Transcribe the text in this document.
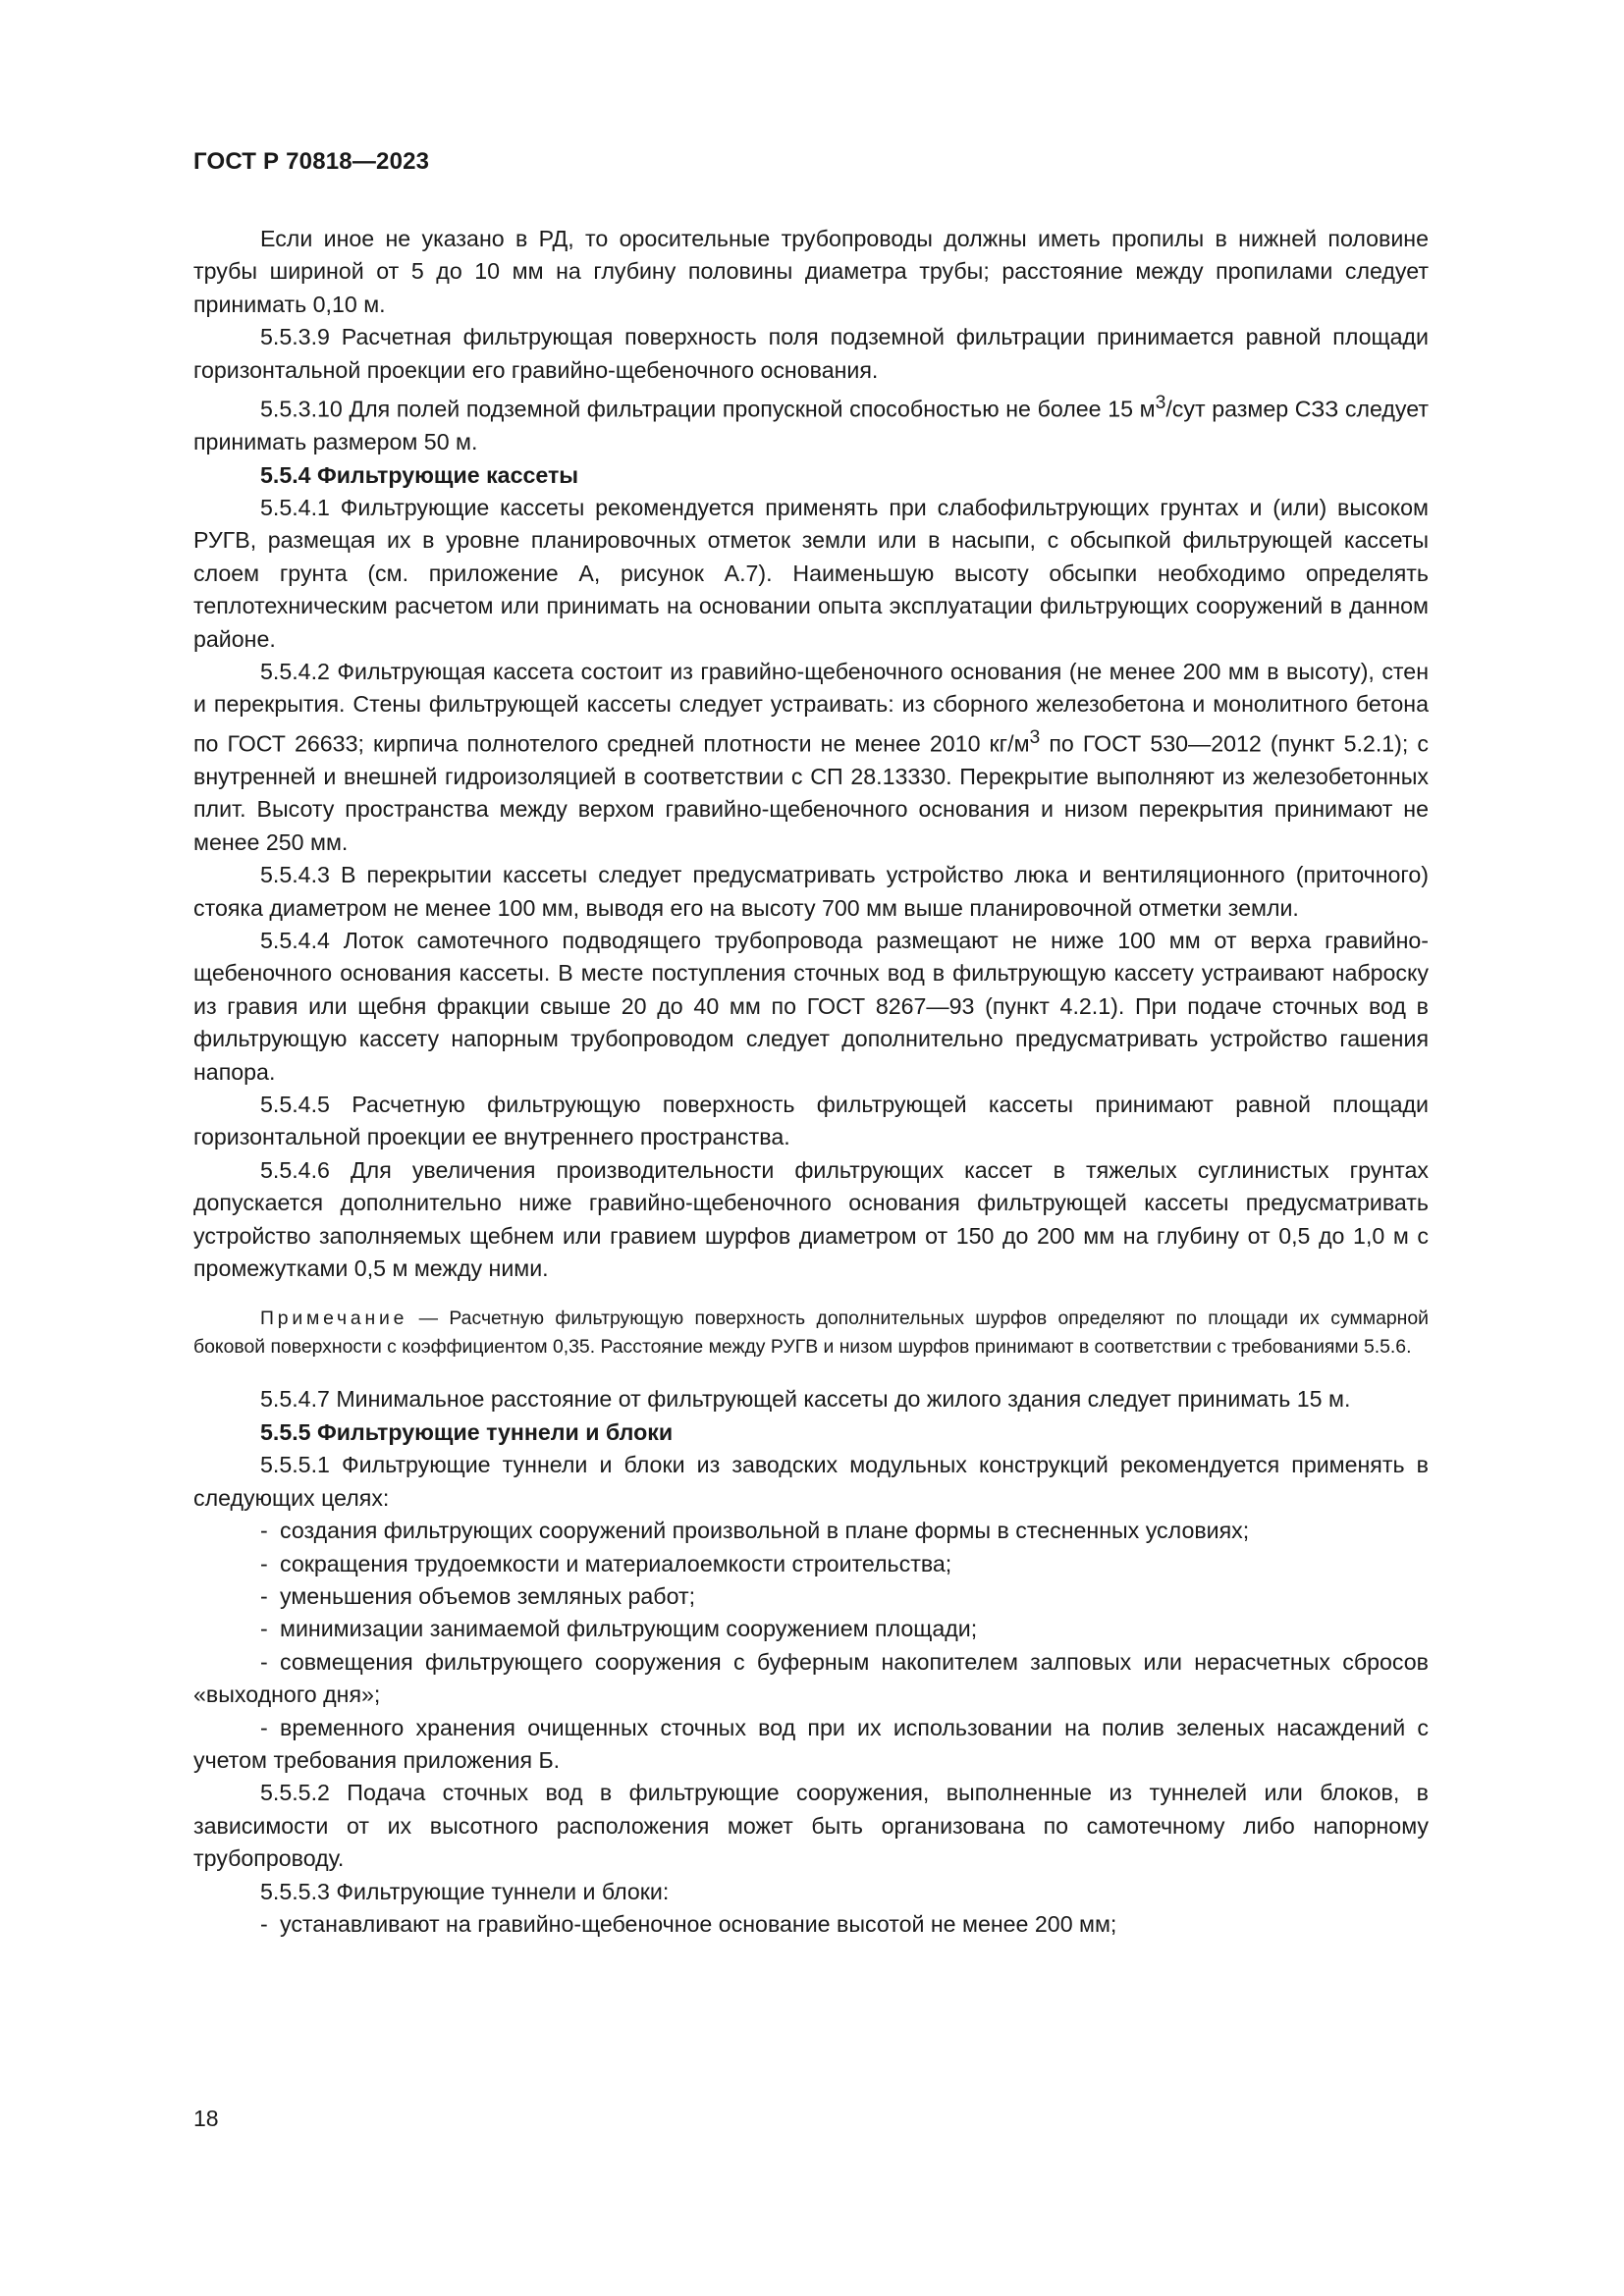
ГОСТ Р 70818—2023

Если иное не указано в РД, то оросительные трубопроводы должны иметь пропилы в нижней половине трубы шириной от 5 до 10 мм на глубину половины диаметра трубы; расстояние между пропилами следует принимать 0,10 м.

5.5.3.9 Расчетная фильтрующая поверхность поля подземной фильтрации принимается равной площади горизонтальной проекции его гравийно-щебеночного основания.

5.5.3.10 Для полей подземной фильтрации пропускной способностью не более 15 $м^3$/сут размер СЗЗ следует принимать размером 50 м.

5.5.4 Фильтрующие кассеты

5.5.4.1 Фильтрующие кассеты рекомендуется применять при слабофильтрующих грунтах и (или) высоком РУГВ, размещая их в уровне планировочных отметок земли или в насыпи, с обсыпкой фильтрующей кассеты слоем грунта (см. приложение А, рисунок А.7). Наименьшую высоту обсыпки необходимо определять теплотехническим расчетом или принимать на основании опыта эксплуатации фильтрующих сооружений в данном районе.

5.5.4.2 Фильтрующая кассета состоит из гравийно-щебеночного основания (не менее 200 мм в высоту), стен и перекрытия. Стены фильтрующей кассеты следует устраивать: из сборного железобетона и монолитного бетона по ГОСТ 26633; кирпича полнотелого средней плотности не менее 2010 $кг/м^3$ по ГОСТ 530—2012 (пункт 5.2.1); с внутренней и внешней гидроизоляцией в соответствии с СП 28.13330. Перекрытие выполняют из железобетонных плит. Высоту пространства между верхом гравийно-щебеночного основания и низом перекрытия принимают не менее 250 мм.

5.5.4.3 В перекрытии кассеты следует предусматривать устройство люка и вентиляционного (приточного) стояка диаметром не менее 100 мм, выводя его на высоту 700 мм выше планировочной отметки земли.

5.5.4.4 Лоток самотечного подводящего трубопровода размещают не ниже 100 мм от верха гравийно-щебеночного основания кассеты. В месте поступления сточных вод в фильтрующую кассету устраивают наброску из гравия или щебня фракции свыше 20 до 40 мм по ГОСТ 8267—93 (пункт 4.2.1). При подаче сточных вод в фильтрующую кассету напорным трубопроводом следует дополнительно предусматривать устройство гашения напора.

5.5.4.5 Расчетную фильтрующую поверхность фильтрующей кассеты принимают равной площади горизонтальной проекции ее внутреннего пространства.

5.5.4.6 Для увеличения производительности фильтрующих кассет в тяжелых суглинистых грунтах допускается дополнительно ниже гравийно-щебеночного основания фильтрующей кассеты предусматривать устройство заполняемых щебнем или гравием шурфов диаметром от 150 до 200 мм на глубину от 0,5 до 1,0 м с промежутками 0,5 м между ними.

Примечание — Расчетную фильтрующую поверхность дополнительных шурфов определяют по площади их суммарной боковой поверхности с коэффициентом 0,35. Расстояние между РУГВ и низом шурфов принимают в соответствии с требованиями 5.5.6.

5.5.4.7 Минимальное расстояние от фильтрующей кассеты до жилого здания следует принимать 15 м.

5.5.5 Фильтрующие туннели и блоки

5.5.5.1 Фильтрующие туннели и блоки из заводских модульных конструкций рекомендуется применять в следующих целях:

- создания фильтрующих сооружений произвольной в плане формы в стесненных условиях;

- сокращения трудоемкости и материалоемкости строительства;

- уменьшения объемов земляных работ;

- минимизации занимаемой фильтрующим сооружением площади;

- совмещения фильтрующего сооружения с буферным накопителем залповых или нерасчетных сбросов «выходного дня»;

- временного хранения очищенных сточных вод при их использовании на полив зеленых насаждений с учетом требования приложения Б.

5.5.5.2 Подача сточных вод в фильтрующие сооружения, выполненные из туннелей или блоков, в зависимости от их высотного расположения может быть организована по самотечному либо напорному трубопроводу.

5.5.5.3 Фильтрующие туннели и блоки:

- устанавливают на гравийно-щебеночное основание высотой не менее 200 мм;

18
